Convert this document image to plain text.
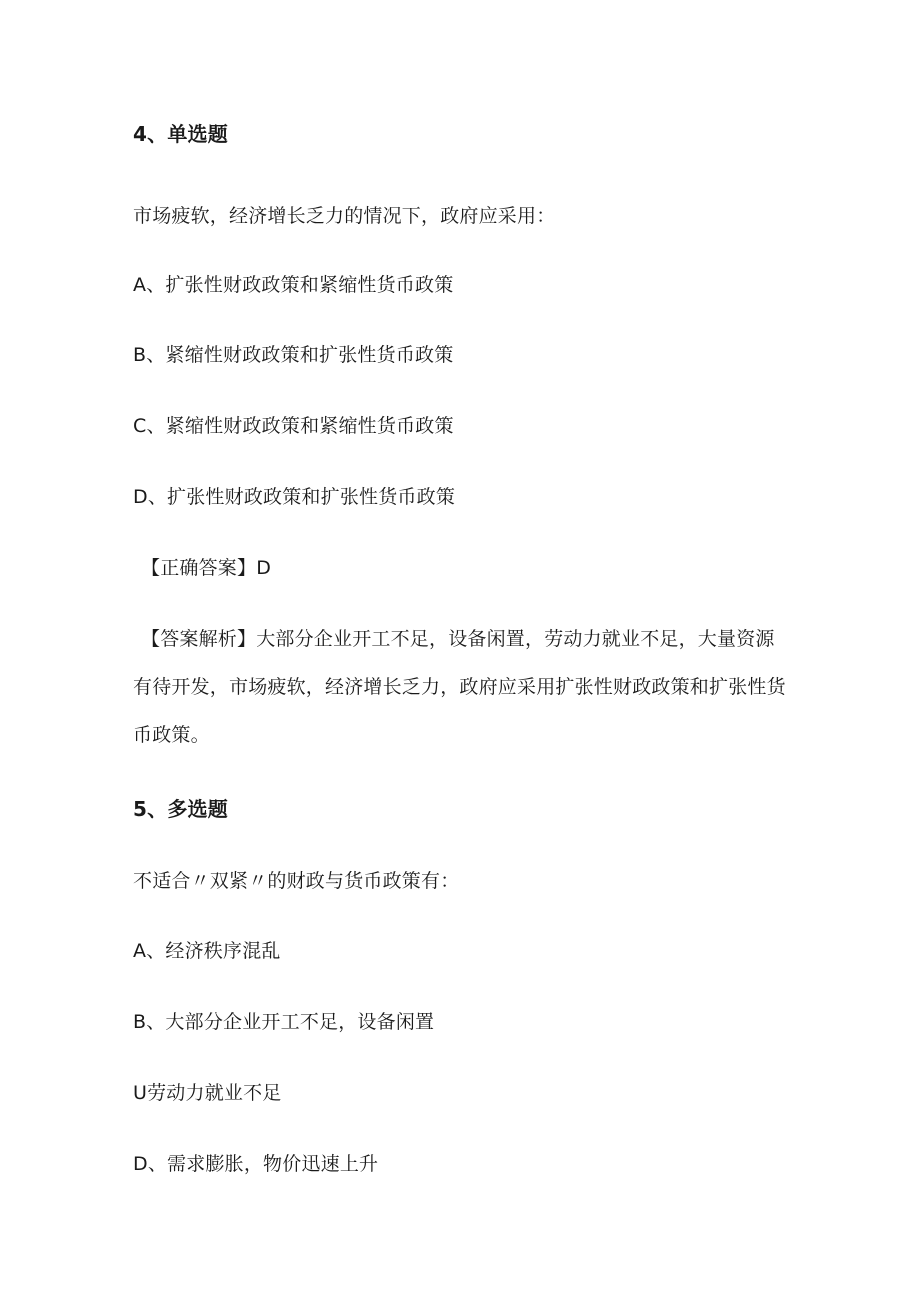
4、单选题
市场疲软，经济增长乏力的情况下，政府应采用：
A、扩张性财政政策和紧缩性货币政策
B、紧缩性财政政策和扩张性货币政策
C、紧缩性财政政策和紧缩性货币政策
D、扩张性财政政策和扩张性货币政策
【正确答案】D
【答案解析】大部分企业开工不足，设备闲置，劳动力就业不足，大量资源有待开发，市场疲软，经济增长乏力，政府应采用扩张性财政政策和扩张性货币政策。
5、多选题
不适合〃双紧〃的财政与货币政策有：
A、经济秩序混乱
B、大部分企业开工不足，设备闲置
U劳动力就业不足
D、需求膨胀，物价迅速上升
